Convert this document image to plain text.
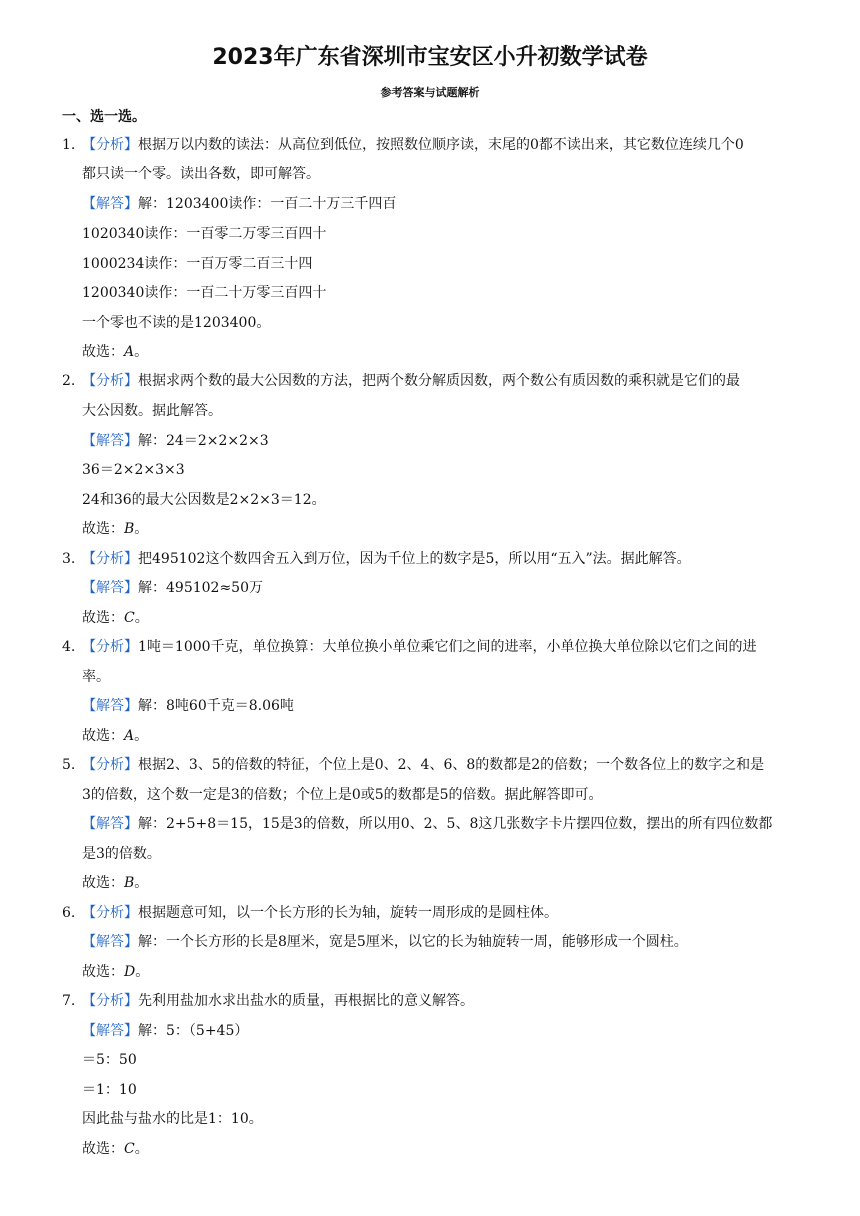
2023年广东省深圳市宝安区小升初数学试卷
参考答案与试题解析
一、选一选。
1. 【分析】根据万以内数的读法：从高位到低位，按照数位顺序读，末尾的0都不读出来，其它数位连续几个0
都只读一个零。读出各数，即可解答。
【解答】解：1203400读作：一百二十万三千四百
1020340读作：一百零二万零三百四十
1000234读作：一百万零二百三十四
1200340读作：一百二十万零三百四十
一个零也不读的是1203400。
故选：A。
2. 【分析】根据求两个数的最大公因数的方法，把两个数分解质因数，两个数公有质因数的乘积就是它们的最
大公因数。据此解答。
【解答】解：24＝2×2×2×3
36＝2×2×3×3
24和36的最大公因数是2×2×3＝12。
故选：B。
3. 【分析】把495102这个数四舍五入到万位，因为千位上的数字是5，所以用“五入”法。据此解答。
【解答】解：495102≈50万
故选：C。
4. 【分析】1吨＝1000千克，单位换算：大单位换小单位乘它们之间的进率，小单位换大单位除以它们之间的进
率。
【解答】解：8吨60千克＝8.06吨
故选：A。
5. 【分析】根据2、3、5的倍数的特征，个位上是0、2、4、6、8的数都是2的倍数；一个数各位上的数字之和是
3的倍数，这个数一定是3的倍数；个位上是0或5的数都是5的倍数。据此解答即可。
【解答】解：2+5+8＝15，15是3的倍数，所以用0、2、5、8这几张数字卡片摆四位数，摆出的所有四位数都
是3的倍数。
故选：B。
6. 【分析】根据题意可知，以一个长方形的长为轴，旋转一周形成的是圆柱体。
【解答】解：一个长方形的长是8厘米，宽是5厘米，以它的长为轴旋转一周，能够形成一个圆柱。
故选：D。
7. 【分析】先利用盐加水求出盐水的质量，再根据比的意义解答。
【解答】解：5：（5+45）
＝5：50
＝1：10
因此盐与盐水的比是1：10。
故选：C。
